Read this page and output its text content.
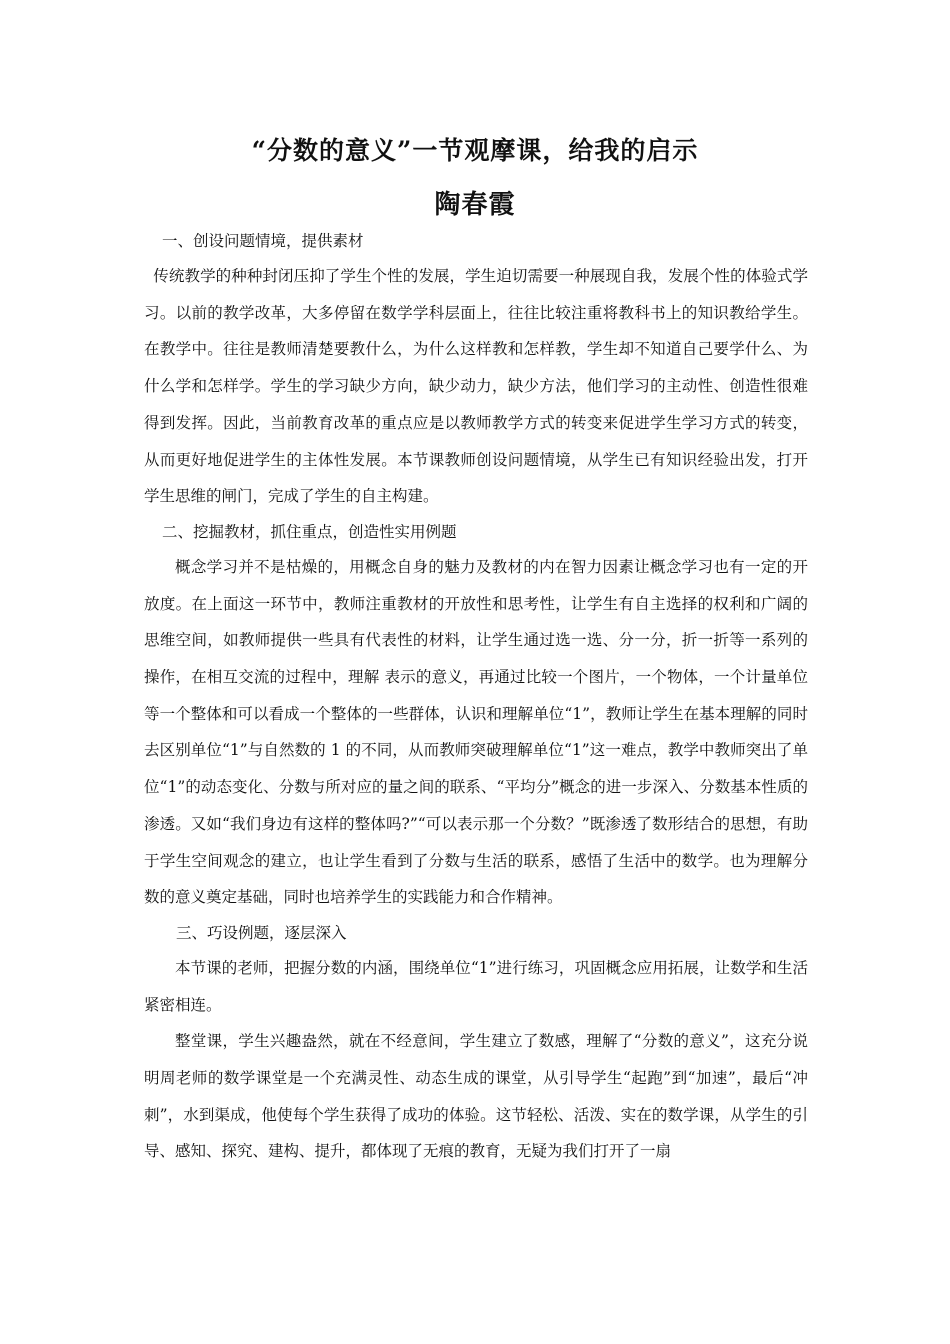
“分数的意义”一节观摩课，给我的启示
陶春霞

一、创设问题情境，提供素材

传统教学的种种封闭压抑了学生个性的发展，学生迫切需要一种展现自我，发展个性的体验式学习。以前的教学改革，大多停留在数学学科层面上，往往比较注重将教科书上的知识教给学生。在教学中。往往是教师清楚要教什么，为什么这样教和怎样教，学生却不知道自己要学什么、为什么学和怎样学。学生的学习缺少方向，缺少动力，缺少方法，他们学习的主动性、创造性很难得到发挥。因此，当前教育改革的重点应是以教师教学方式的转变来促进学生学习方式的转变，从而更好地促进学生的主体性发展。本节课教师创设问题情境，从学生已有知识经验出发，打开学生思维的闸门，完成了学生的自主构建。

二、挖掘教材，抓住重点，创造性实用例题

概念学习并不是枯燥的，用概念自身的魅力及教材的内在智力因素让概念学习也有一定的开放度。在上面这一环节中，教师注重教材的开放性和思考性，让学生有自主选择的权利和广阔的思维空间，如教师提供一些具有代表性的材料，让学生通过选一选、分一分，折一折等一系列的操作，在相互交流的过程中，理解 表示的意义，再通过比较一个图片，一个物体，一个计量单位等一个整体和可以看成一个整体的一些群体，认识和理解单位“1”，教师让学生在基本理解的同时去区别单位“1”与自然数的 1 的不同，从而教师突破理解单位“1”这一难点，教学中教师突出了单位“1”的动态变化、分数与所对应的量之间的联系、“平均分”概念的进一步深入、分数基本性质的渗透。又如“我们身边有这样的整体吗?”“可以表示那一个分数？”既渗透了数形结合的思想，有助于学生空间观念的建立，也让学生看到了分数与生活的联系，感悟了生活中的数学。也为理解分数的意义奠定基础，同时也培养学生的实践能力和合作精神。

三、巧设例题，逐层深入

本节课的老师，把握分数的内涵，围绕单位“1”进行练习，巩固概念应用拓展，让数学和生活紧密相连。

整堂课，学生兴趣盎然，就在不经意间，学生建立了数感，理解了“分数的意义”，这充分说明周老师的数学课堂是一个充满灵性、动态生成的课堂，从引导学生“起跑”到“加速”，最后“冲刺”，水到渠成，他使每个学生获得了成功的体验。这节轻松、活泼、实在的数学课，从学生的引导、感知、探究、建构、提升，都体现了无痕的教育，无疑为我们打开了一扇
